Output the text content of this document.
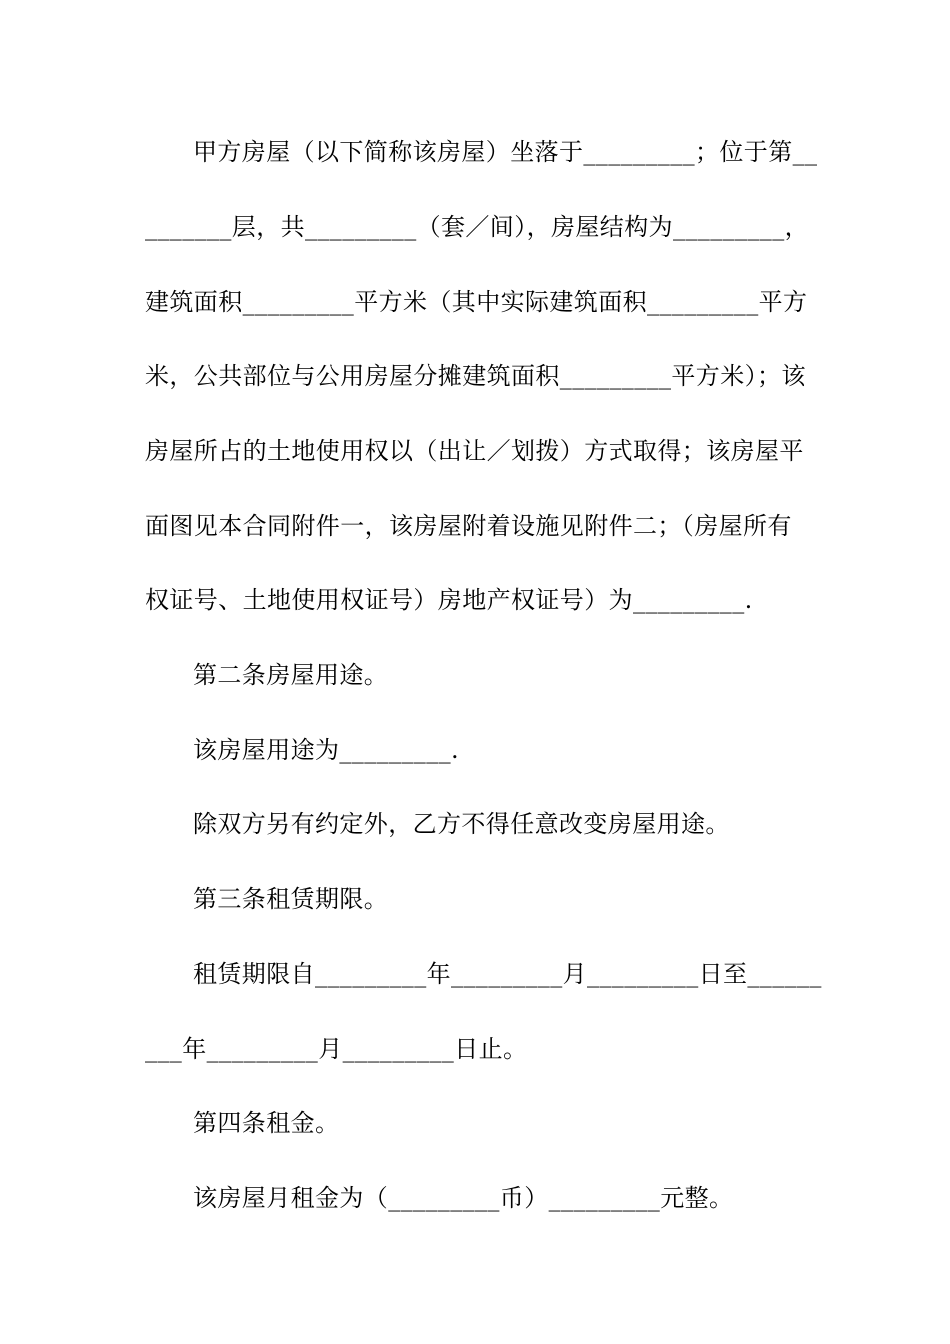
甲方房屋（以下简称该房屋）坐落于_________；位于第__
_______层，共_________（套／间），房屋结构为_________，
建筑面积_________平方米（其中实际建筑面积_________平方
米，公共部位与公用房屋分摊建筑面积_________平方米）；该
房屋所占的土地使用权以（出让／划拨）方式取得；该房屋平
面图见本合同附件一，该房屋附着设施见附件二；（房屋所有
权证号、土地使用权证号）房地产权证号）为_________.
第二条房屋用途。
该房屋用途为_________.
除双方另有约定外，乙方不得任意改变房屋用途。
第三条租赁期限。
租赁期限自_________年_________月_________日至______
___年_________月_________日止。
第四条租金。
该房屋月租金为（_________币）_________元整。
